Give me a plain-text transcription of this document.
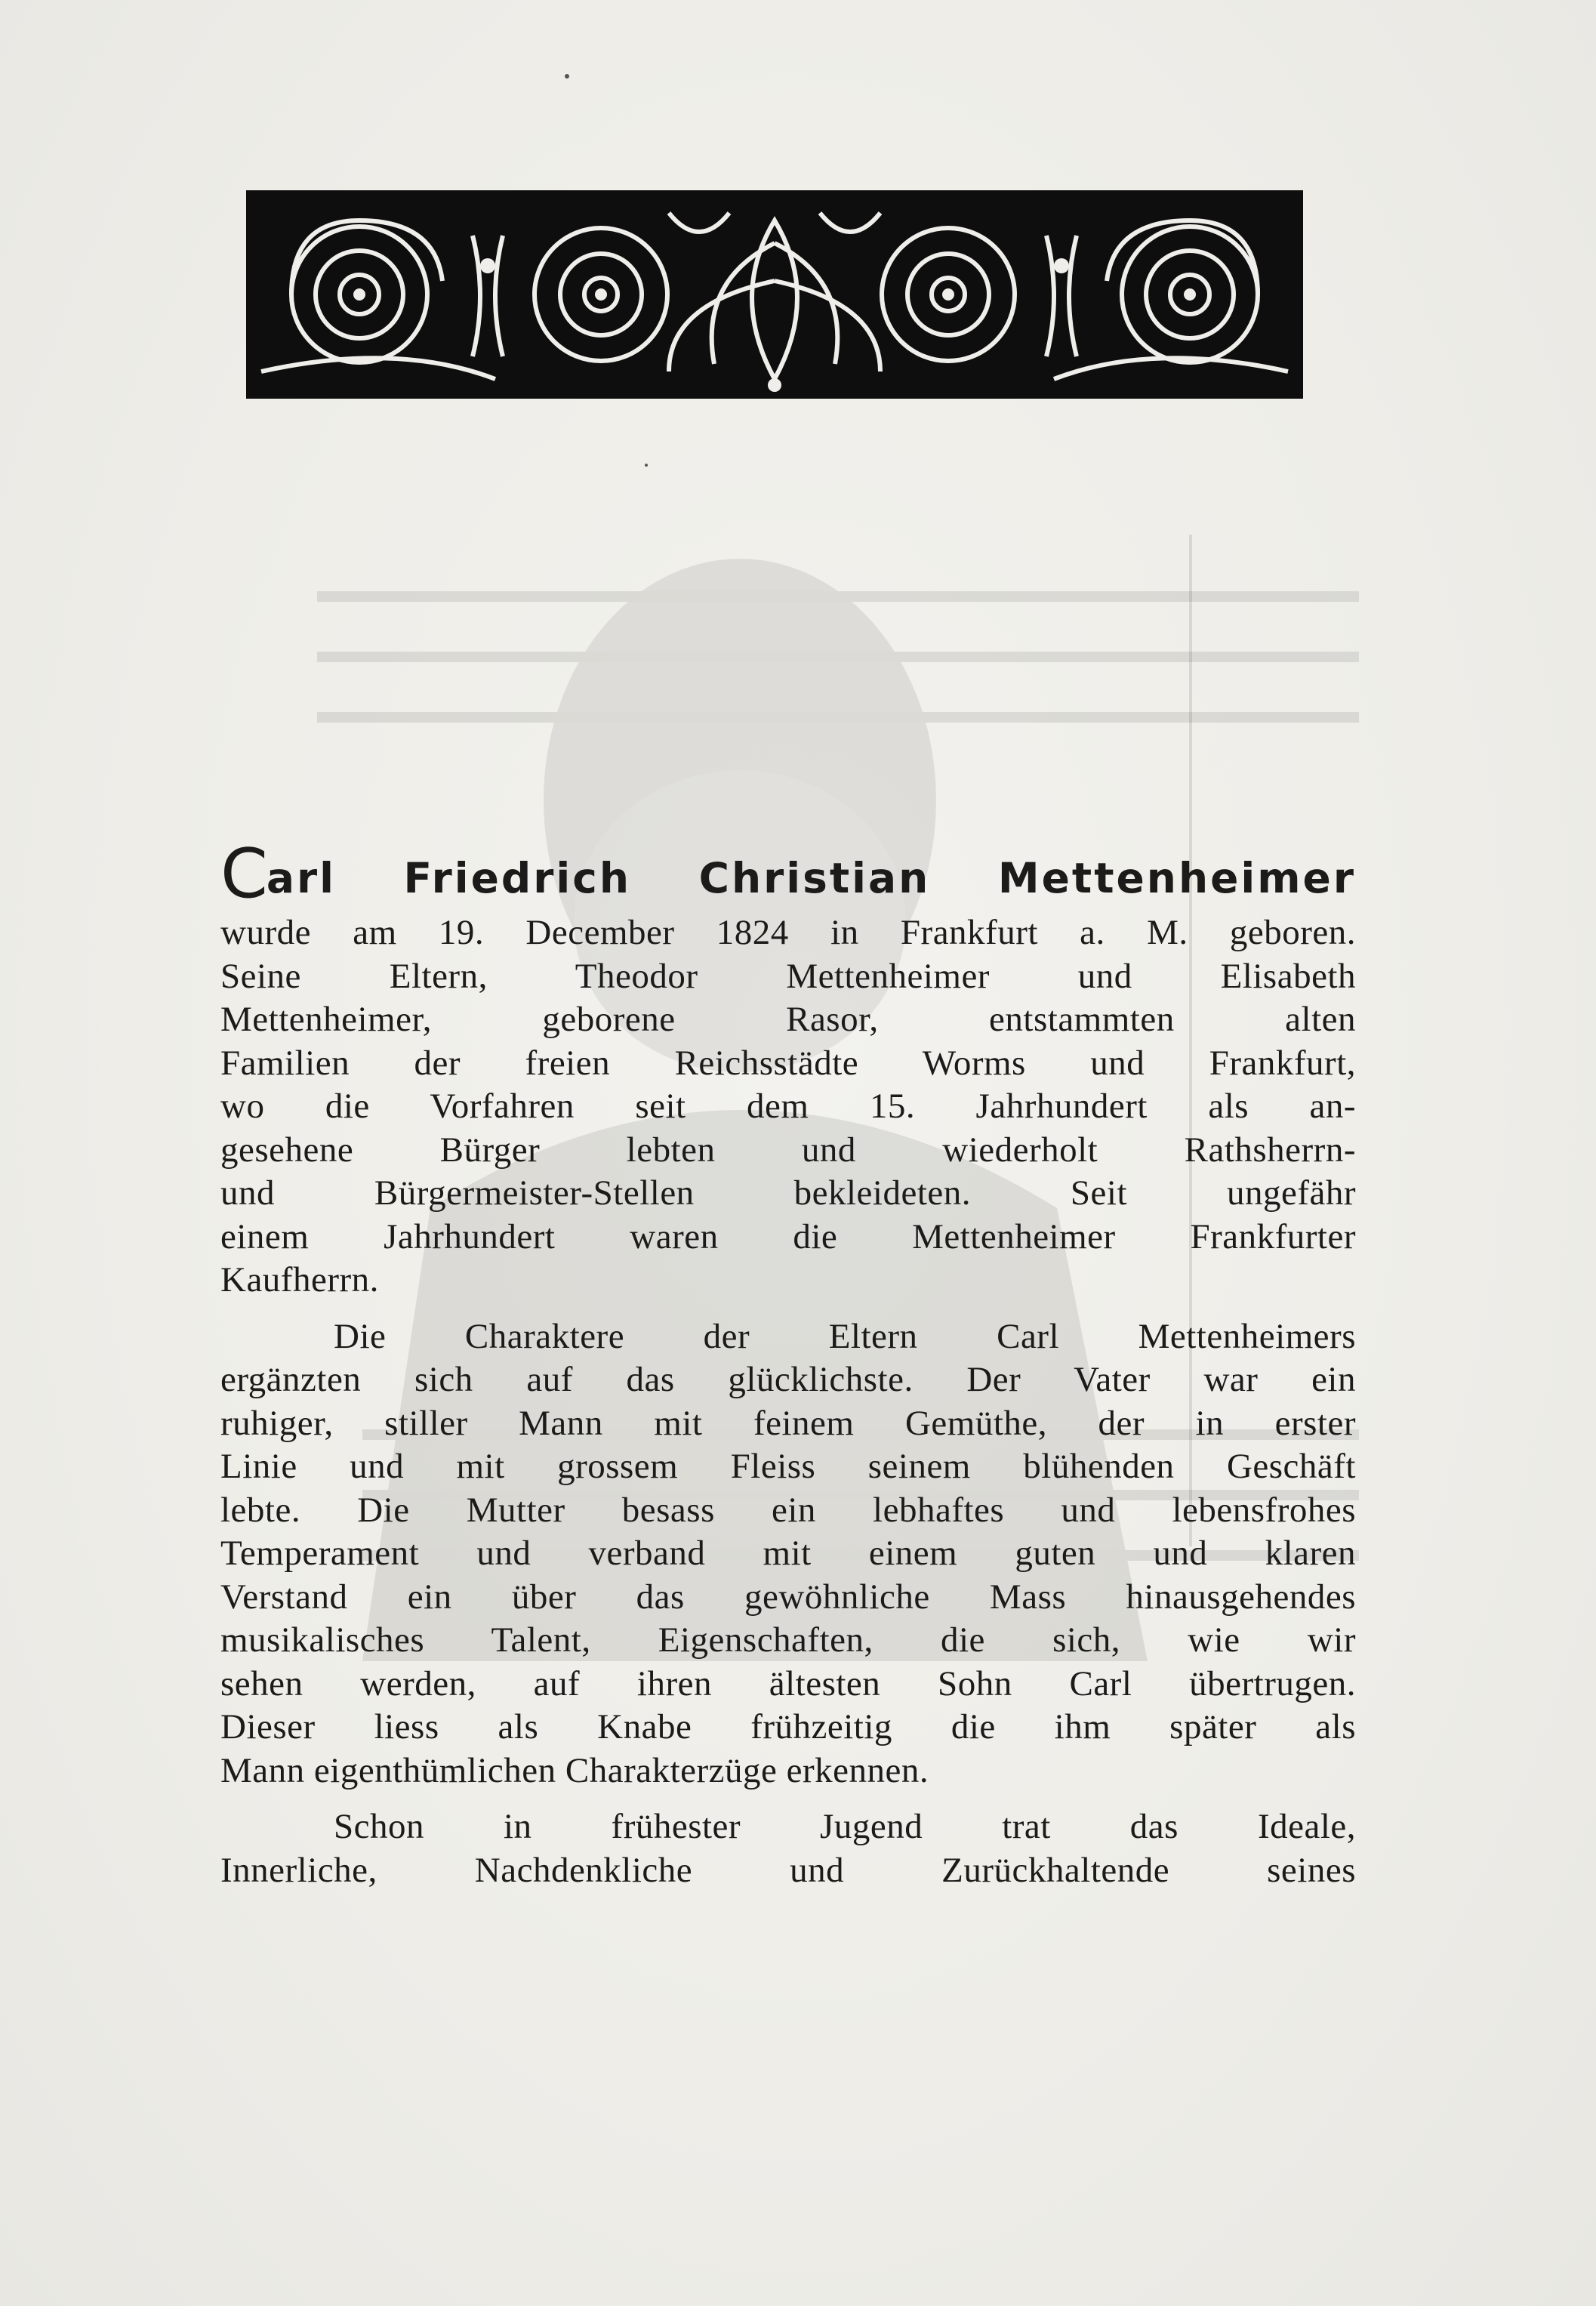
Carl Friedrich Christian Mettenheimer
wurde am 19. December 1824 in Frankfurt a. M. geboren.
Seine Eltern, Theodor Mettenheimer und Elisabeth
Mettenheimer, geborene Rasor, entstammten alten
Familien der freien Reichsstädte Worms und Frankfurt,
wo die Vorfahren seit dem 15. Jahrhundert als an-
gesehene Bürger lebten und wiederholt Rathsherrn-
und Bürgermeister-Stellen bekleideten. Seit ungefähr
einem Jahrhundert waren die Mettenheimer Frankfurter
Kaufherrn.
Die Charaktere der Eltern Carl Mettenheimers
ergänzten sich auf das glücklichste. Der Vater war ein
ruhiger, stiller Mann mit feinem Gemüthe, der in erster
Linie und mit grossem Fleiss seinem blühenden Geschäft
lebte. Die Mutter besass ein lebhaftes und lebensfrohes
Temperament und verband mit einem guten und klaren
Verstand ein über das gewöhnliche Mass hinausgehendes
musikalisches Talent, Eigenschaften, die sich, wie wir
sehen werden, auf ihren ältesten Sohn Carl übertrugen.
Dieser liess als Knabe frühzeitig die ihm später als
Mann eigenthümlichen Charakterzüge erkennen.
Schon in frühester Jugend trat das Ideale,
Innerliche, Nachdenkliche und Zurückhaltende seines
